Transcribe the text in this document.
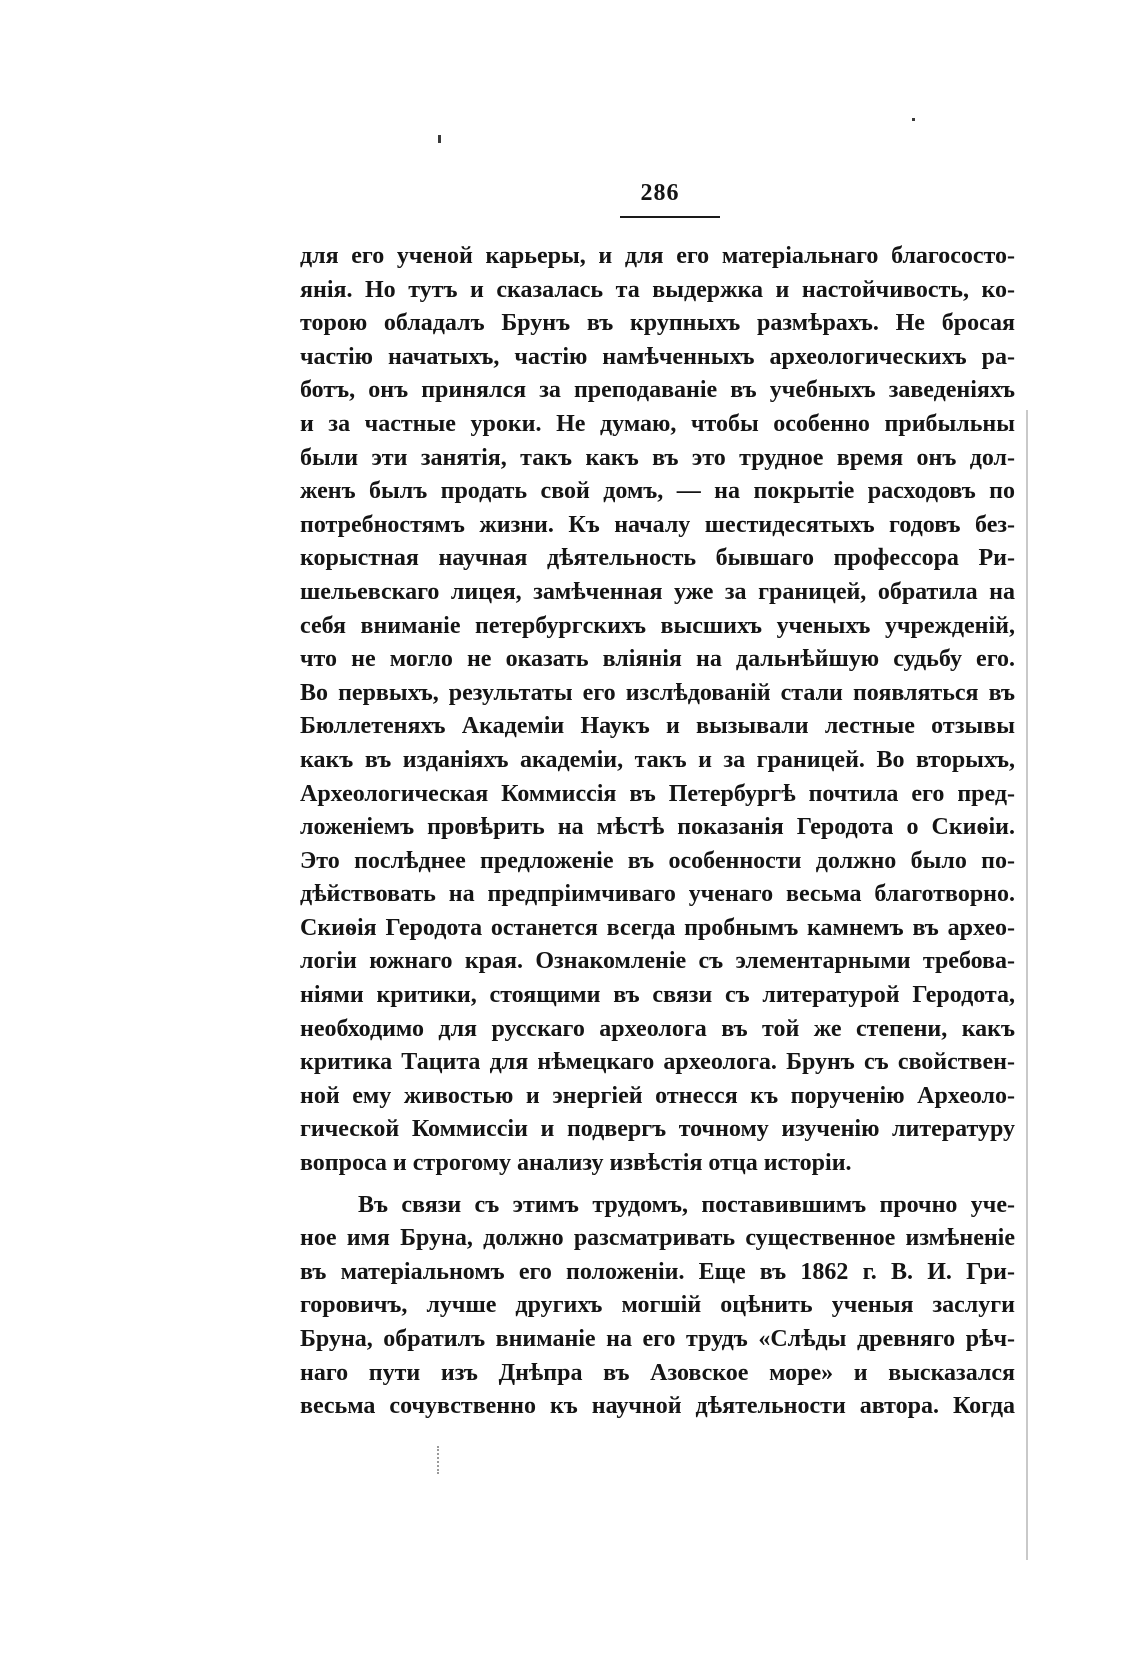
286
для его ученой карьеры, и для его матеріальнаго благососто-
янія. Но тутъ и сказалась та выдержка и настойчивость, ко-
торою обладалъ Брунъ въ крупныхъ размѣрахъ. Не бросая
частію начатыхъ, частію намѣченныхъ археологическихъ ра-
ботъ, онъ принялся за преподаваніе въ учебныхъ заведеніяхъ
и за частные уроки. Не думаю, чтобы особенно прибыльны
были эти занятія, такъ какъ въ это трудное время онъ дол-
женъ былъ продать свой домъ, — на покрытіе расходовъ по
потребностямъ жизни. Къ началу шестидесятыхъ годовъ без-
корыстная научная дѣятельность бывшаго профессора Ри-
шельевскаго лицея, замѣченная уже за границей, обратила на
себя вниманіе петербургскихъ высшихъ ученыхъ учрежденій,
что не могло не оказать вліянія на дальнѣйшую судьбу его.
Во первыхъ, результаты его изслѣдованій стали появляться въ
Бюллетеняхъ Академіи Наукъ и вызывали лестные отзывы
какъ въ изданіяхъ академіи, такъ и за границей. Во вторыхъ,
Археологическая Коммиссія въ Петербургѣ почтила его пред-
ложеніемъ провѣрить на мѣстѣ показанія Геродота о Скиѳіи.
Это послѣднее предложеніе въ особенности должно было по-
дѣйствовать на предпріимчиваго ученаго весьма благотворно.
Скиѳія Геродота останется всегда пробнымъ камнемъ въ архео-
логіи южнаго края. Ознакомленіе съ элементарными требова-
ніями критики, стоящими въ связи съ литературой Геродота,
необходимо для русскаго археолога въ той же степени, какъ
критика Тацита для нѣмецкаго археолога. Брунъ съ свойствен-
ной ему живостью и энергіей отнесся къ порученію Археоло-
гической Коммиссіи и подвергъ точному изученію литературу
вопроса и строгому анализу извѣстія отца исторіи.
Въ связи съ этимъ трудомъ, поставившимъ прочно уче-
ное имя Бруна, должно разсматривать существенное измѣненіе
въ матеріальномъ его положеніи. Еще въ 1862 г. В. И. Гри-
горовичъ, лучше другихъ могшій оцѣнить ученыя заслуги
Бруна, обратилъ вниманіе на его трудъ «Слѣды древняго рѣч-
наго пути изъ Днѣпра въ Азовское море» и высказался
весьма сочувственно къ научной дѣятельности автора. Когда
